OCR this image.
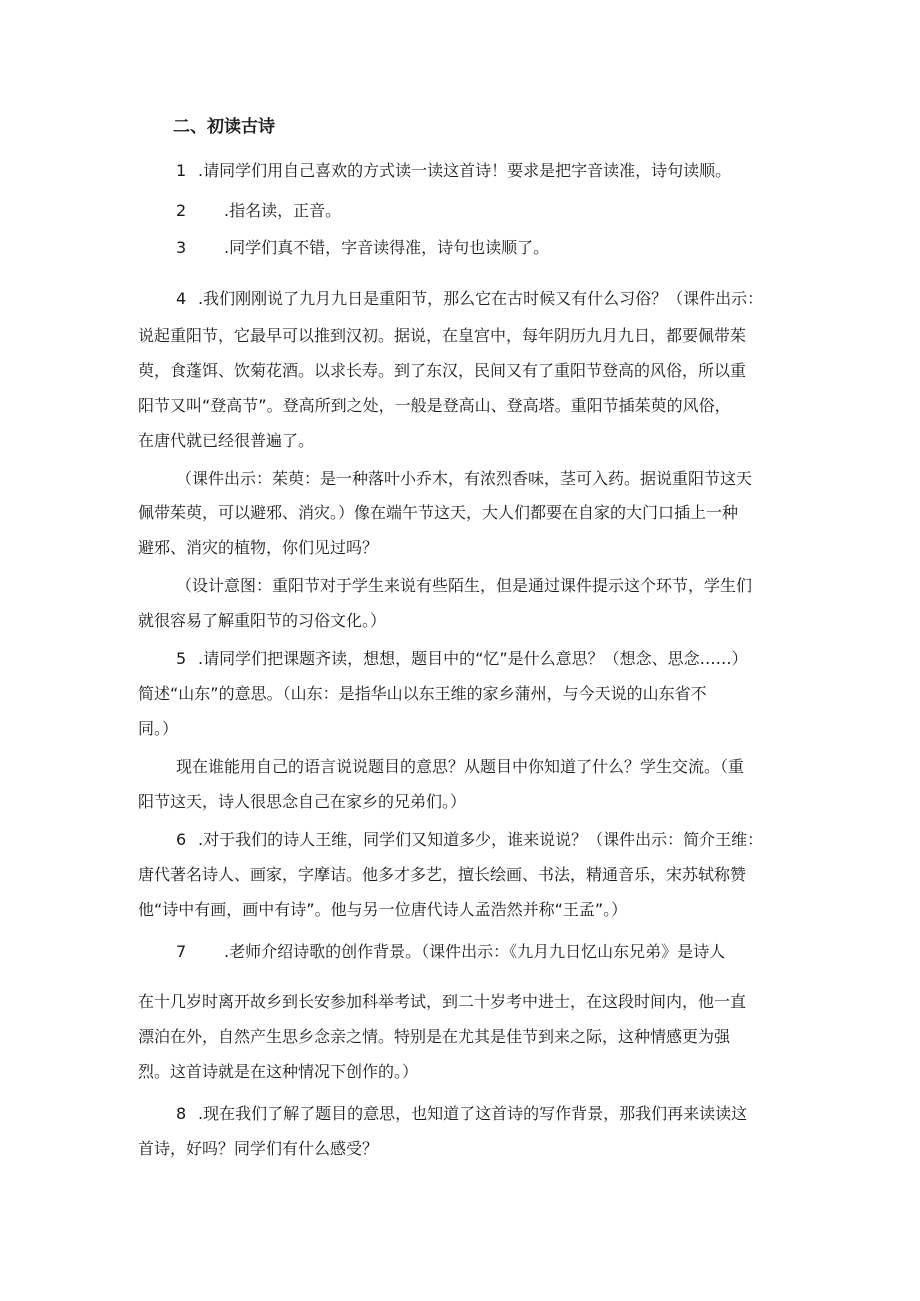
二、初读古诗

1 .请同学们用自己喜欢的方式读一读这首诗！要求是把字音读准，诗句读顺。

2 .指名读，正音。

3 .同学们真不错，字音读得准，诗句也读顺了。

4 .我们刚刚说了九月九日是重阳节，那么它在古时候又有什么习俗？（课件出示：

说起重阳节，它最早可以推到汉初。据说，在皇宫中，每年阴历九月九日，都要佩带茱

萸，食蓬饵、饮菊花酒。以求长寿。到了东汉，民间又有了重阳节登高的风俗，所以重

阳节又叫“登高节”。登高所到之处，一般是登高山、登高塔。重阳节插茱萸的风俗，

在唐代就已经很普遍了。

（课件出示：茱萸：是一种落叶小乔木，有浓烈香味，茎可入药。据说重阳节这天

佩带茱萸，可以避邪、消灾。）像在端午节这天，大人们都要在自家的大门口插上一种

避邪、消灾的植物，你们见过吗？

（设计意图：重阳节对于学生来说有些陌生，但是通过课件提示这个环节，学生们

就很容易了解重阳节的习俗文化。）

5 .请同学们把课题齐读，想想，题目中的“忆”是什么意思？（想念、思念……）

简述“山东”的意思。（山东：是指华山以东王维的家乡蒲州，与今天说的山东省不

同。）

现在谁能用自己的语言说说题目的意思？从题目中你知道了什么？学生交流。（重

阳节这天，诗人很思念自己在家乡的兄弟们。）

6 .对于我们的诗人王维，同学们又知道多少，谁来说说？（课件出示：简介王维：

唐代著名诗人、画家，字摩诘。他多才多艺，擅长绘画、书法，精通音乐，宋苏轼称赞

他“诗中有画，画中有诗”。他与另一位唐代诗人孟浩然并称“王孟”。）

7 .老师介绍诗歌的创作背景。（课件出示：《九月九日忆山东兄弟》是诗人

在十几岁时离开故乡到长安参加科举考试，到二十岁考中进士，在这段时间内，他一直

漂泊在外，自然产生思乡念亲之情。特别是在尤其是佳节到来之际，这种情感更为强

烈。这首诗就是在这种情况下创作的。）

8 .现在我们了解了题目的意思，也知道了这首诗的写作背景，那我们再来读读这

首诗，好吗？同学们有什么感受？
